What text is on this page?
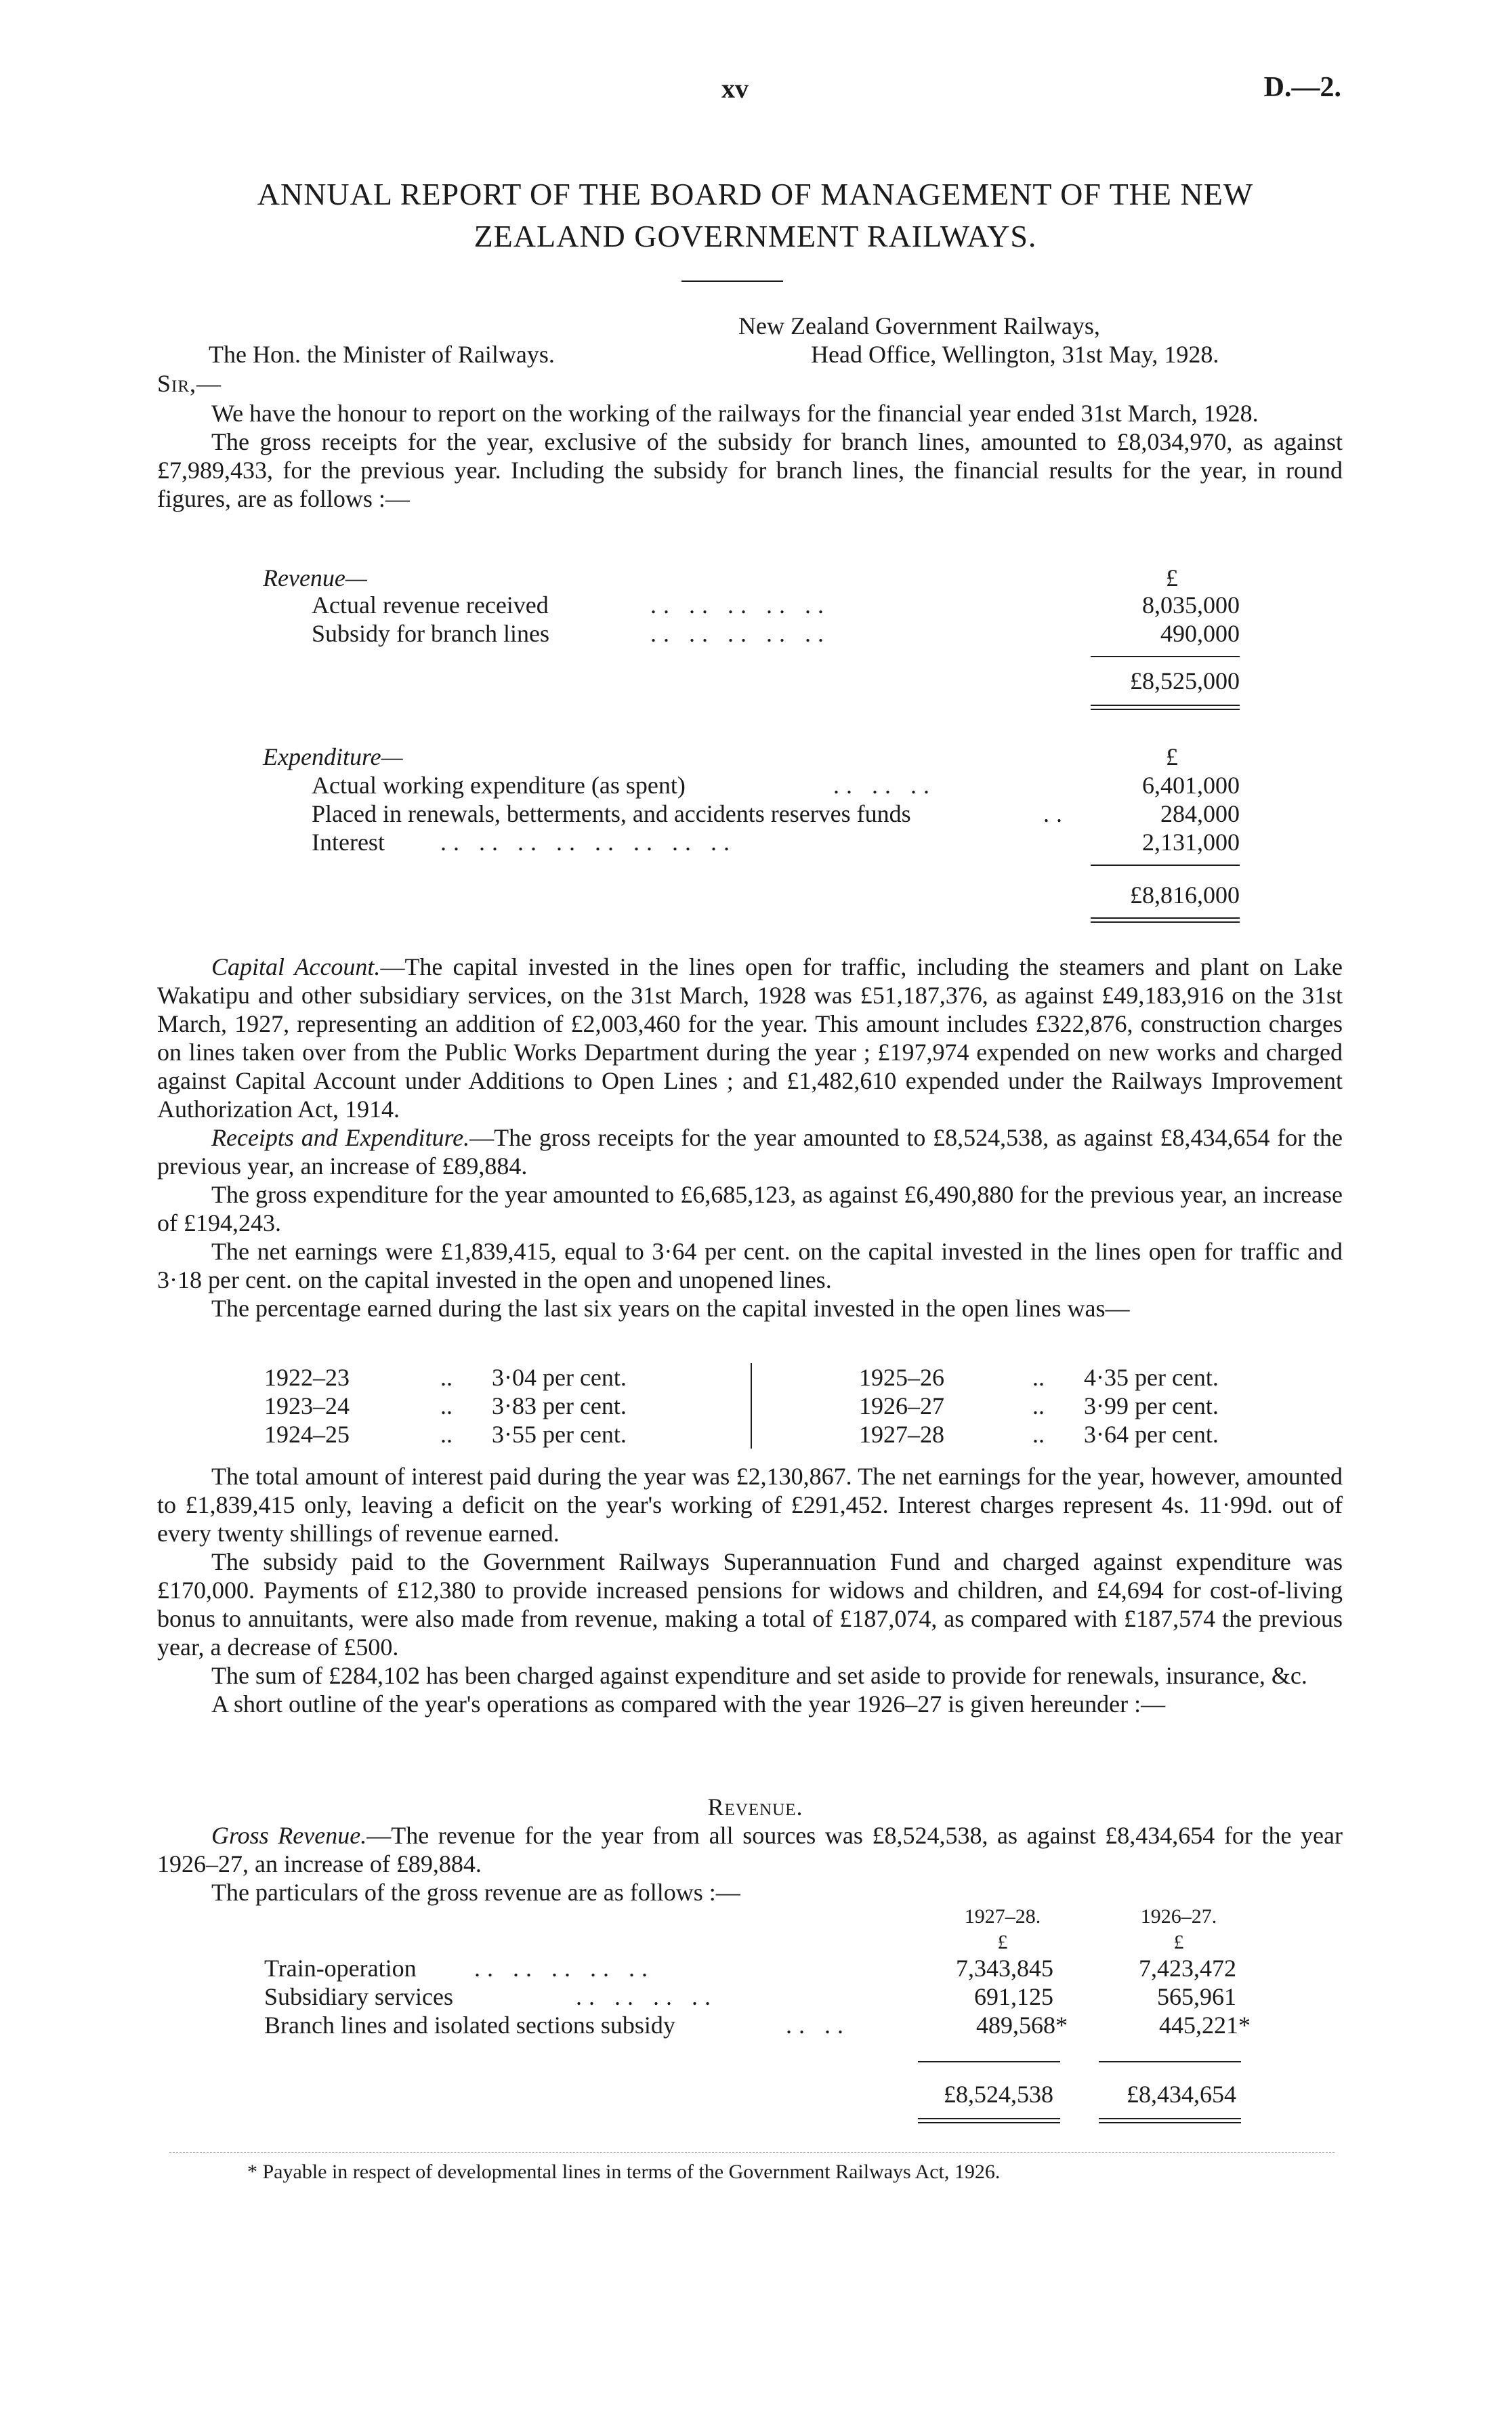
xv	D.—2.
ANNUAL REPORT OF THE BOARD OF MANAGEMENT OF THE NEW
ZEALAND GOVERNMENT RAILWAYS.
New Zealand Government Railways,
The Hon. the Minister of Railways.	Head Office, Wellington, 31st May, 1928.
Sir,—

We have the honour to report on the working of the railways for the financial year ended 31st March, 1928.

The gross receipts for the year, exclusive of the subsidy for branch lines, amounted to £8,034,970, as against £7,989,433, for the previous year. Including the subsidy for branch lines, the financial results for the year, in round figures, are as follows :—

Revenue—	£
Actual revenue received	.. .. .. .. ..	8,035,000
Subsidy for branch lines	.. .. .. .. ..	490,000
£8,525,000
Expenditure—	£
Actual working expenditure (as spent)	.. .. ..	6,401,000
Placed in renewals, betterments, and accidents reserves funds	..	284,000
Interest .. .. .. .. .. .. .. ..	2,131,000
£8,816,000

Capital Account.—The capital invested in the lines open for traffic, including the steamers and plant on Lake Wakatipu and other subsidiary services, on the 31st March, 1928 was £51,187,376, as against £49,183,916 on the 31st March, 1927, representing an addition of £2,003,460 for the year. This amount includes £322,876, construction charges on lines taken over from the Public Works Department during the year ; £197,974 expended on new works and charged against Capital Account under Additions to Open Lines ; and £1,482,610 expended under the Railways Improvement Authorization Act, 1914.

Receipts and Expenditure.—The gross receipts for the year amounted to £8,524,538, as against £8,434,654 for the previous year, an increase of £89,884.

The gross expenditure for the year amounted to £6,685,123, as against £6,490,880 for the previous year, an increase of £194,243.

The net earnings were £1,839,415, equal to 3·64 per cent. on the capital invested in the lines open for traffic and 3·18 per cent. on the capital invested in the open and unopened lines.

The percentage earned during the last six years on the capital invested in the open lines was—

1922–23	.. 3·04 per cent.
1923–24	.. 3·83 per cent.
1924–25	.. 3·55 per cent.
1925–26	.. 4·35 per cent.
1926–27	.. 3·99 per cent.
1927–28	.. 3·64 per cent.

The total amount of interest paid during the year was £2,130,867. The net earnings for the year, however, amounted to £1,839,415 only, leaving a deficit on the year's working of £291,452. Interest charges represent 4s. 11·99d. out of every twenty shillings of revenue earned.

The subsidy paid to the Government Railways Superannuation Fund and charged against expenditure was £170,000. Payments of £12,380 to provide increased pensions for widows and children, and £4,694 for cost-of-living bonus to annuitants, were also made from revenue, making a total of £187,074, as compared with £187,574 the previous year, a decrease of £500.

The sum of £284,102 has been charged against expenditure and set aside to provide for renewals, insurance, &c.

A short outline of the year's operations as compared with the year 1926–27 is given hereunder :—

Revenue.

Gross Revenue.—The revenue for the year from all sources was £8,524,538, as against £8,434,654 for the year 1926–27, an increase of £89,884.

The particulars of the gross revenue are as follows :—

1927–28.	1926–27.
£	£
Train-operation .. .. .. .. ..	7,343,845	7,423,472
Subsidiary services	.. .. .. ..	691,125	565,961
Branch lines and isolated sections subsidy	.. ..	489,568*	445,221*
£8,524,538	£8,434,654
* Payable in respect of developmental lines in terms of the Government Railways Act, 1926.
